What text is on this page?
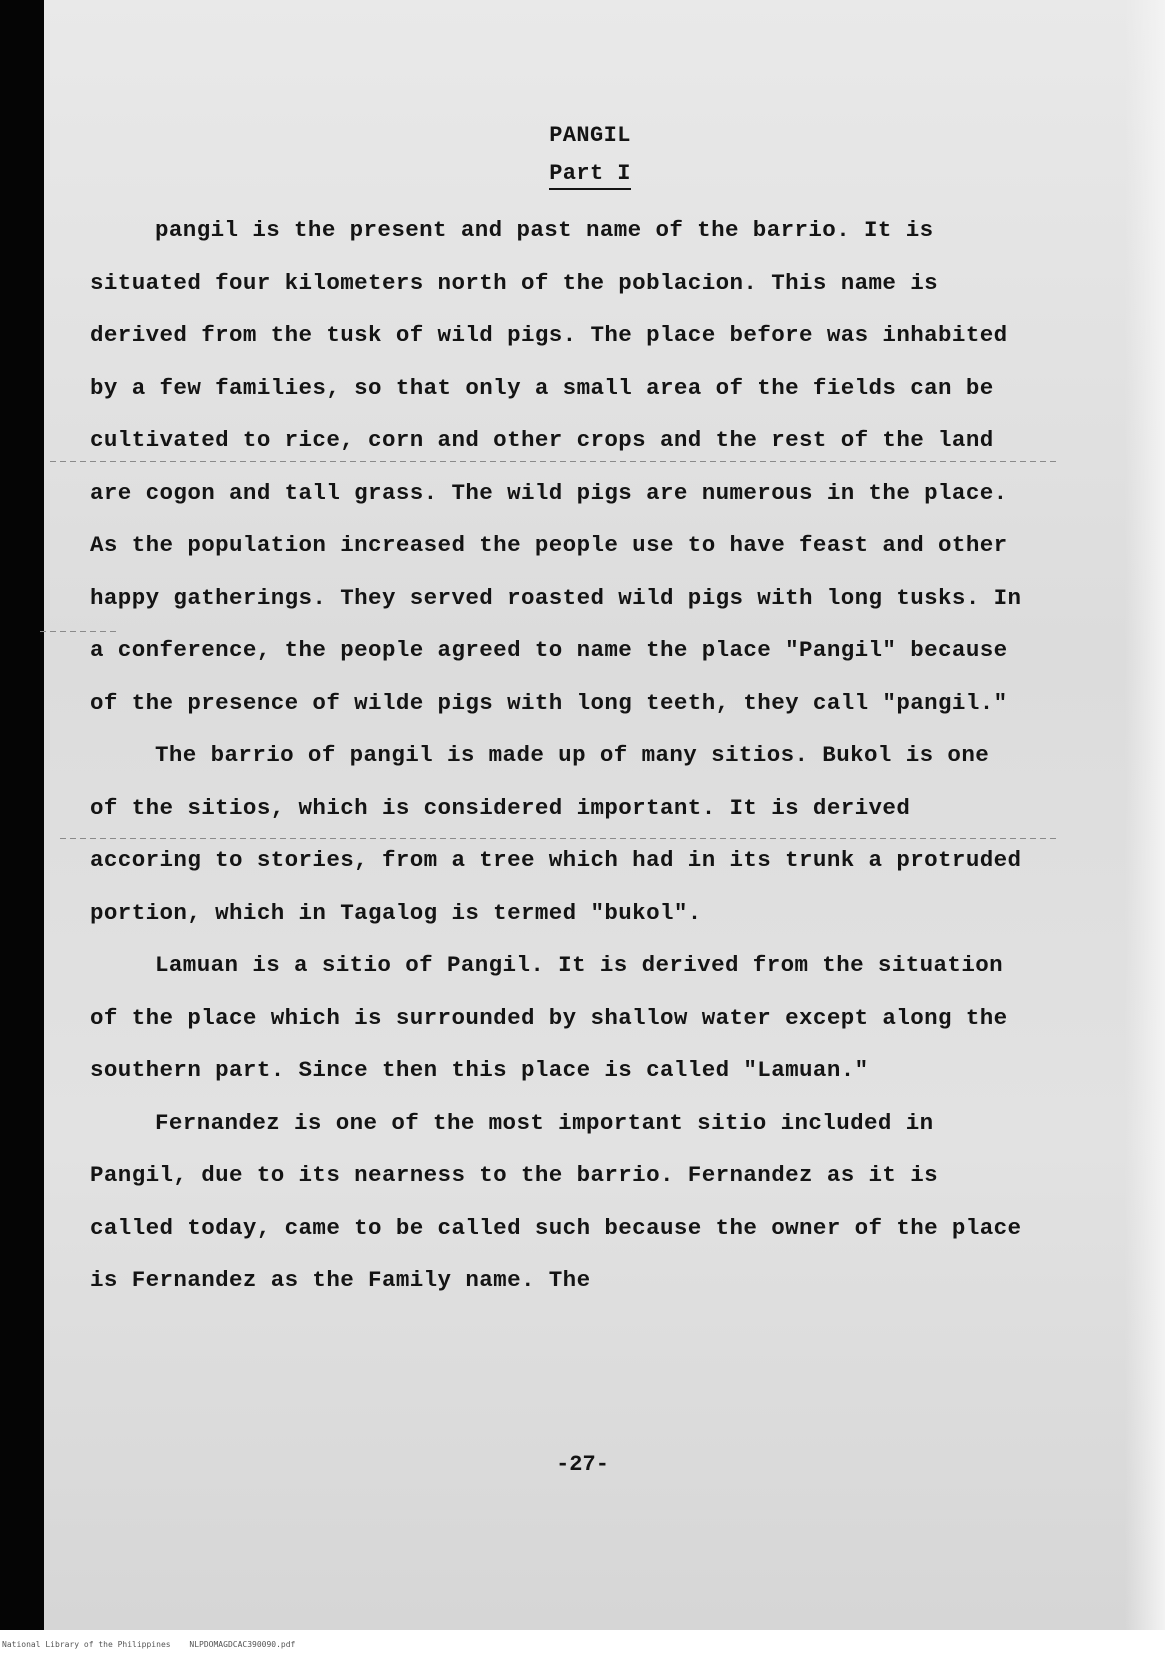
PANGIL

Part I

pangil is the present and past name of the barrio. It is situated four kilometers north of the poblacion. This name is derived from the tusk of wild pigs. The place before was inhabited by a few families, so that only a small area of the fields can be cultivated to rice, corn and other crops and the rest of the land are cogon and tall grass. The wild pigs are numerous in the place. As the population increased the people use to have feast and other happy gatherings. They served roasted wild pigs with long tusks. In a conference, the people agreed to name the place "Pangil" because of the presence of wilde pigs with long teeth, they call "pangil."

The barrio of pangil is made up of many sitios. Bukol is one of the sitios, which is considered important. It is derived accoring to stories, from a tree which had in its trunk a protruded portion, which in Tagalog is termed "bukol".

Lamuan is a sitio of Pangil. It is derived from the situation of the place which is surrounded by shallow water except along the southern part. Since then this place is called "Lamuan."

Fernandez is one of the most important sitio included in Pangil, due to its nearness to the barrio. Fernandez as it is called today, came to be called such because the owner of the place is Fernandez as the Family name. The

-27-
National Library of the Philippines NLPDOMAGDCAC390090.pdf
